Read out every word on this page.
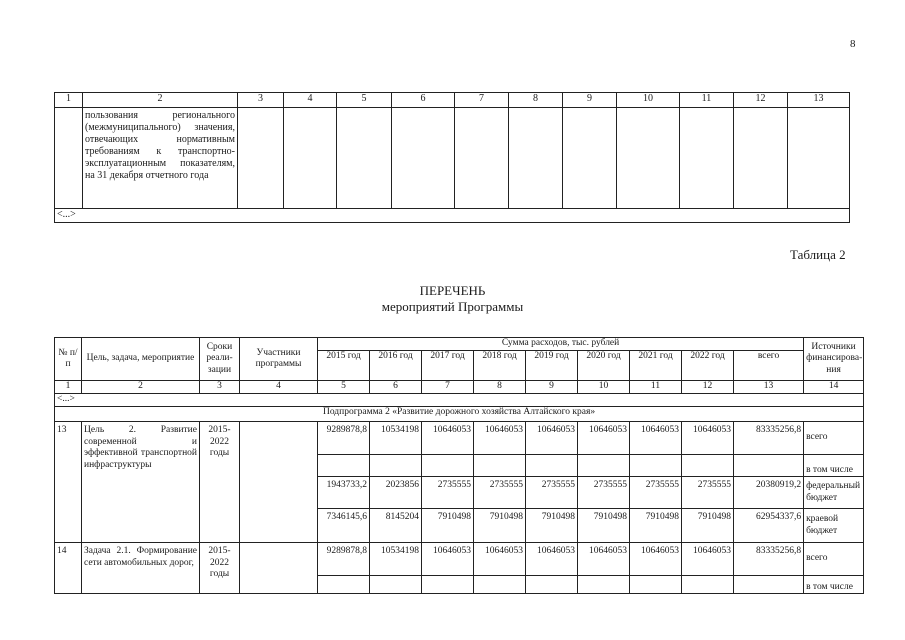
8
1	2	3	4	5	6	7	8	9	10	11	12	13
	пользования регионального (межмуниципального) значения, отвечающих нормативным требованиям к транспортно-эксплуатационным показателям, на 31 декабря отчетного года											
<...>												
Таблица 2
ПЕРЕЧЕНЬ
мероприятий Программы
№ п/п	Цель, задача, мероприятие	Сроки реали-зации	Участники программы	Сумма расходов, тыс. рублей									Источники финансирова-ния
				2015 год	2016 год	2017 год	2018 год	2019 год	2020 год	2021 год	2022 год	всего	
1	2	3	4	5	6	7	8	9	10	11	12	13	14
<...>													
Подпрограмма 2 «Развитие дорожного хозяйства Алтайского края»													
13	Цель 2. Развитие современной и эффективной транспортной инфраструктуры	2015-2022 годы		9289878,8	10534198	10646053	10646053	10646053	10646053	10646053	10646053	83335256,8	всего
													в том числе
				1943733,2	2023856	2735555	2735555	2735555	2735555	2735555	2735555	20380919,2	федеральный бюджет
				7346145,6	8145204	7910498	7910498	7910498	7910498	7910498	7910498	62954337,6	краевой бюджет
14	Задача 2.1. Формирование сети автомобильных дорог,	2015-2022 годы		9289878,8	10534198	10646053	10646053	10646053	10646053	10646053	10646053	83335256,8	всего
													в том числе
